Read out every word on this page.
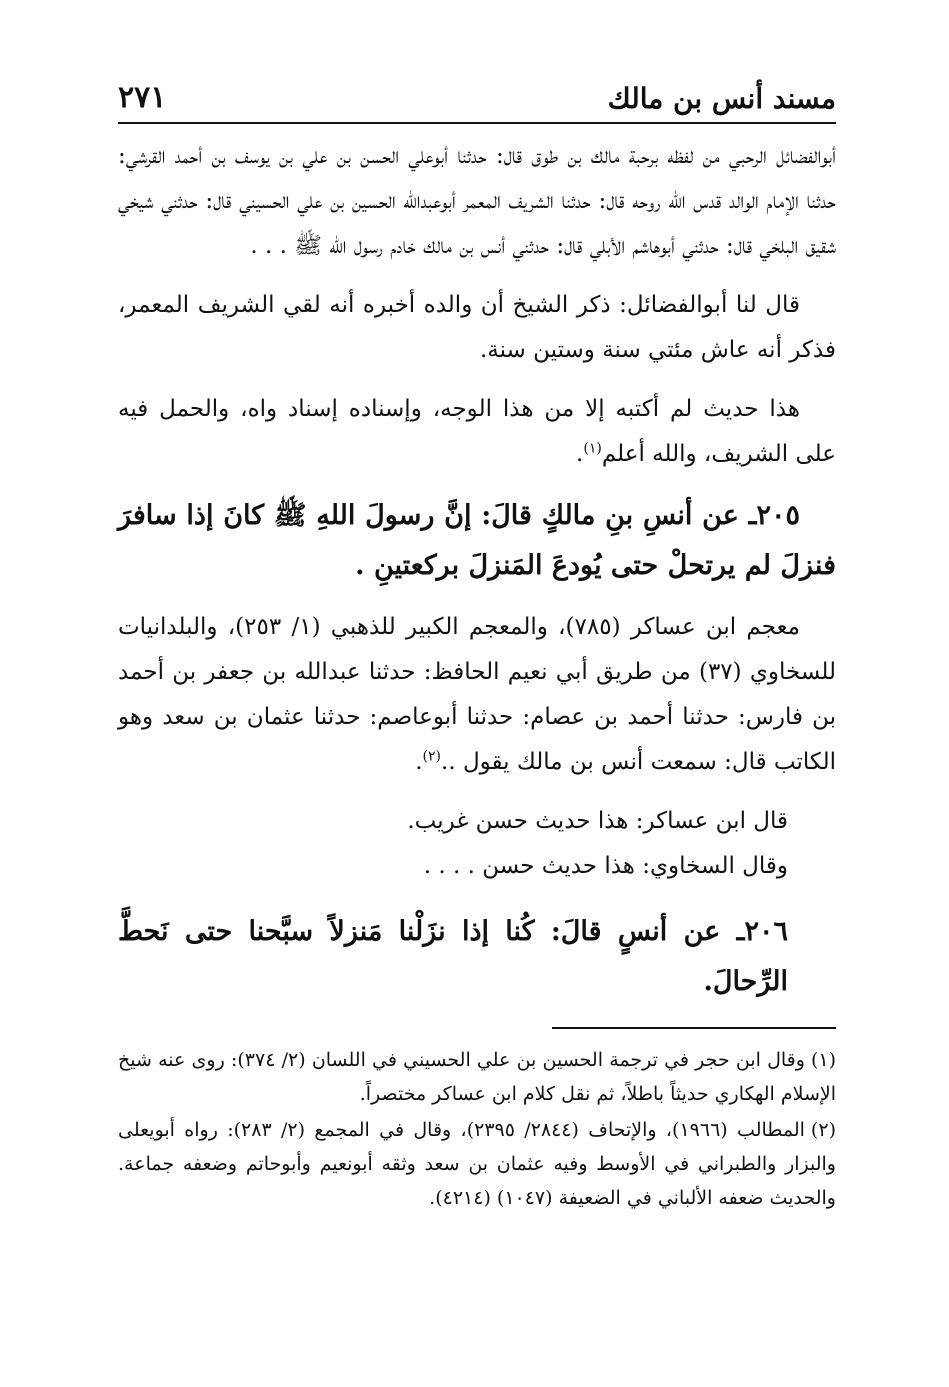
مسند أنس بن مالك
٢٧١

أبوالفضائل الرحبي من لفظه برحبة مالك بن طوق قال: حدثنا أبوعلي الحسن بن علي بن يوسف بن أحمد القرشي: حدثنا الإمام الوالد قدس الله روحه قال: حدثنا الشريف المعمر أبوعبدالله الحسين بن علي الحسيني قال: حدثني شيخي شقيق البلخي قال: حدثني أبوهاشم الأبلي قال: حدثني أنس بن مالك خادم رسول الله ﷺ . . .

قال لنا أبوالفضائل: ذكر الشيخ أن والده أخبره أنه لقي الشريف المعمر، فذكر أنه عاش مئتي سنة وستين سنة.

هذا حديث لم أكتبه إلا من هذا الوجه، وإسناده إسناد واه، والحمل فيه على الشريف، والله أعلم$^{(١)}$.

٢٠٥ـ عن أنسِ بنِ مالكٍ قالَ: إنَّ رسولَ اللهِ ﷺ كانَ إذا سافرَ فنزلَ لم يرتحلْ حتى يُودعَ المَنزلَ بركعتينِ .

معجم ابن عساكر (٧٨٥)، والمعجم الكبير للذهبي (١/ ٢٥٣)، والبلدانيات للسخاوي (٣٧) من طريق أبي نعيم الحافظ: حدثنا عبدالله بن جعفر بن أحمد بن فارس: حدثنا أحمد بن عصام: حدثنا أبوعاصم: حدثنا عثمان بن سعد وهو الكاتب قال: سمعت أنس بن مالك يقول ..$^{(٢)}$.

قال ابن عساكر: هذا حديث حسن غريب.

وقال السخاوي: هذا حديث حسن . . . .

٢٠٦ـ عن أنسٍ قالَ: كُنا إذا نزَلْنا مَنزلاً سبَّحنا حتى نَحطَّ الرِّحالَ.

(١)وقال ابن حجر في ترجمة الحسين بن علي الحسيني في اللسان (٢/ ٣٧٤): روى عنه شيخ الإسلام الهكاري حديثاً باطلاً، ثم نقل كلام ابن عساكر مختصراً.

(٢)المطالب (١٩٦٦)، والإتحاف (٢٨٤٤/ ٢٣٩٥)، وقال في المجمع (٢/ ٢٨٣): رواه أبويعلى والبزار والطبراني في الأوسط وفيه عثمان بن سعد وثقه أبونعيم وأبوحاتم وضعفه جماعة. والحديث ضعفه الألباني في الضعيفة (١٠٤٧) (٤٢١٤).
